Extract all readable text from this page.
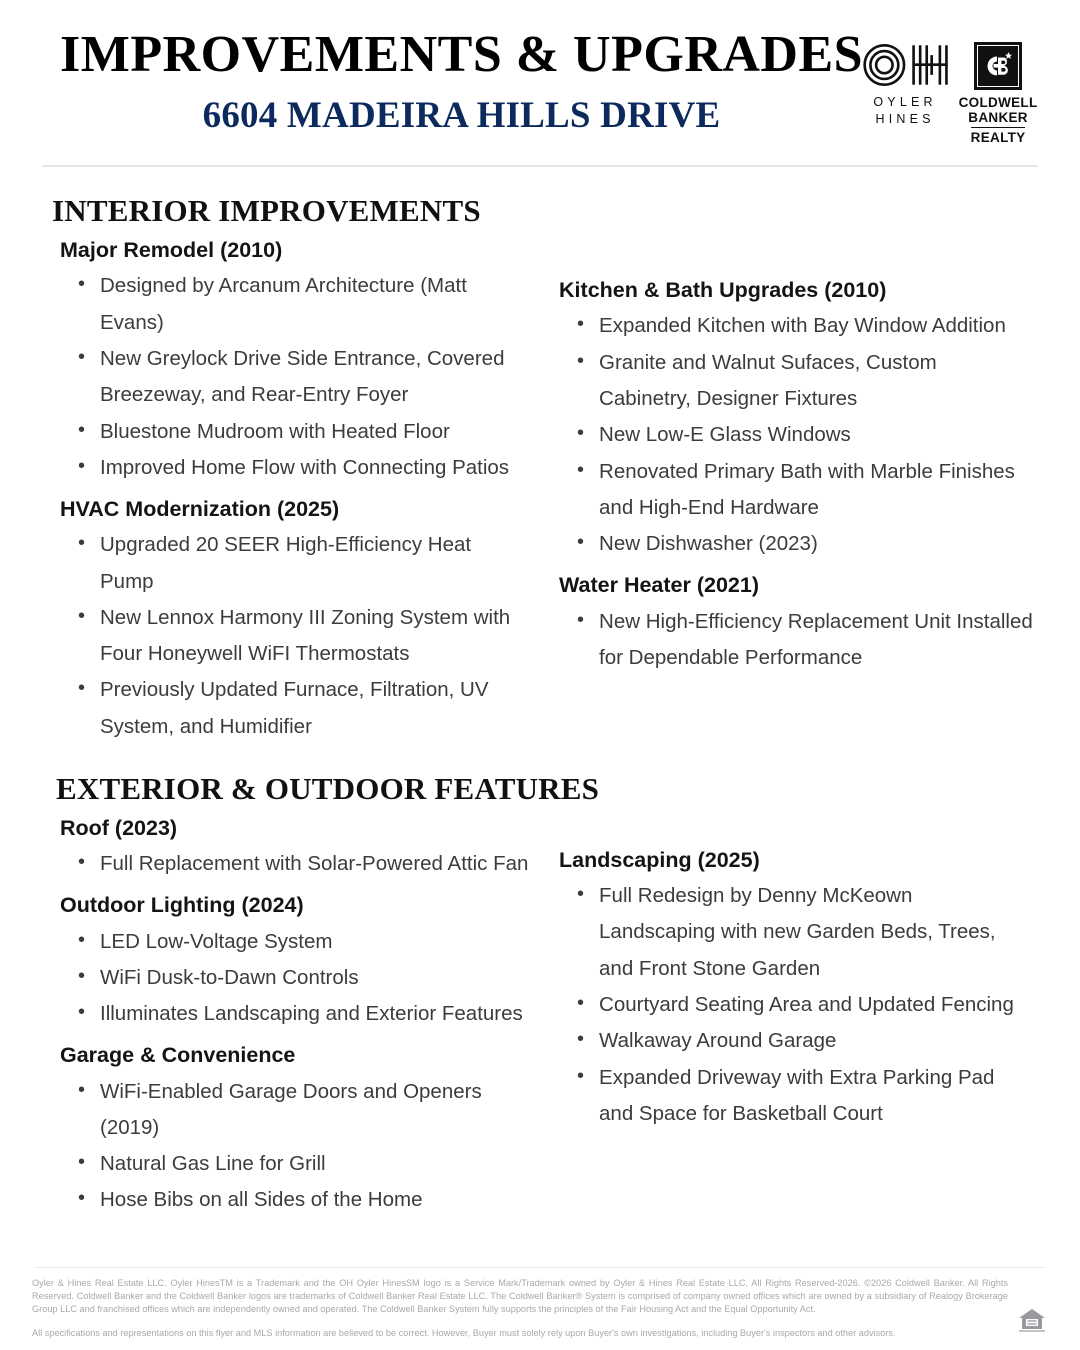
IMPROVEMENTS & UPGRADES
6604 MADEIRA HILLS DRIVE	OYLER
HINES
COLDWELL
BANKER
REALTY
INTERIOR IMPROVEMENTS
Major Remodel (2010)
• Designed by Arcanum Architecture (Matt Evans)
• New Greylock Drive Side Entrance, Covered Breezeway, and Rear-Entry Foyer
• Bluestone Mudroom with Heated Floor
• Improved Home Flow with Connecting Patios
HVAC Modernization (2025)
• Upgraded 20 SEER High-Efficiency Heat Pump
• New Lennox Harmony III Zoning System with Four Honeywell WiFI Thermostats
• Previously Updated Furnace, Filtration, UV System, and Humidifier
Kitchen & Bath Upgrades (2010)
• Expanded Kitchen with Bay Window Addition
• Granite and Walnut Sufaces, Custom Cabinetry, Designer Fixtures
• New Low-E Glass Windows
• Renovated Primary Bath with Marble Finishes and High-End Hardware
• New Dishwasher (2023)
Water Heater (2021)
• New High-Efficiency Replacement Unit Installed for Dependable Performance
EXTERIOR & OUTDOOR FEATURES
Roof (2023)
• Full Replacement with Solar-Powered Attic Fan
Outdoor Lighting (2024)
• LED Low-Voltage System
• WiFi Dusk-to-Dawn Controls
• Illuminates Landscaping and Exterior Features
Garage & Convenience
• WiFi-Enabled Garage Doors and Openers (2019)
• Natural Gas Line for Grill
• Hose Bibs on all Sides of the Home
Landscaping (2025)
• Full Redesign by Denny McKeown Landscaping with new Garden Beds, Trees, and Front Stone Garden
• Courtyard Seating Area and Updated Fencing
• Walkaway Around Garage
• Expanded Driveway with Extra Parking Pad and Space for Basketball Court
Oyler & Hines Real Estate LLC. Oyler HinesTM is a Trademark and the OH Oyler HinesSM logo is a Service Mark/Trademark owned by Oyler & Hines Real Estate LLC, All Rights Reserved-2026. ©2026 Coldwell Banker. All Rights Reserved. Coldwell Banker and the Coldwell Banker logos are trademarks of Coldwell Banker Real Estate LLC. The Coldwell Banker® System is comprised of company owned offices which are owned by a subsidiary of Realogy Brokerage Group LLC and franchised offices which are independently owned and operated. The Coldwell Banker System fully supports the principles of the Fair Housing Act and the Equal Opportunity Act.
All specifications and representations on this flyer and MLS information are believed to be correct. However, Buyer must solely rely upon Buyer's own investigations, including Buyer's inspectors and other advisors.
